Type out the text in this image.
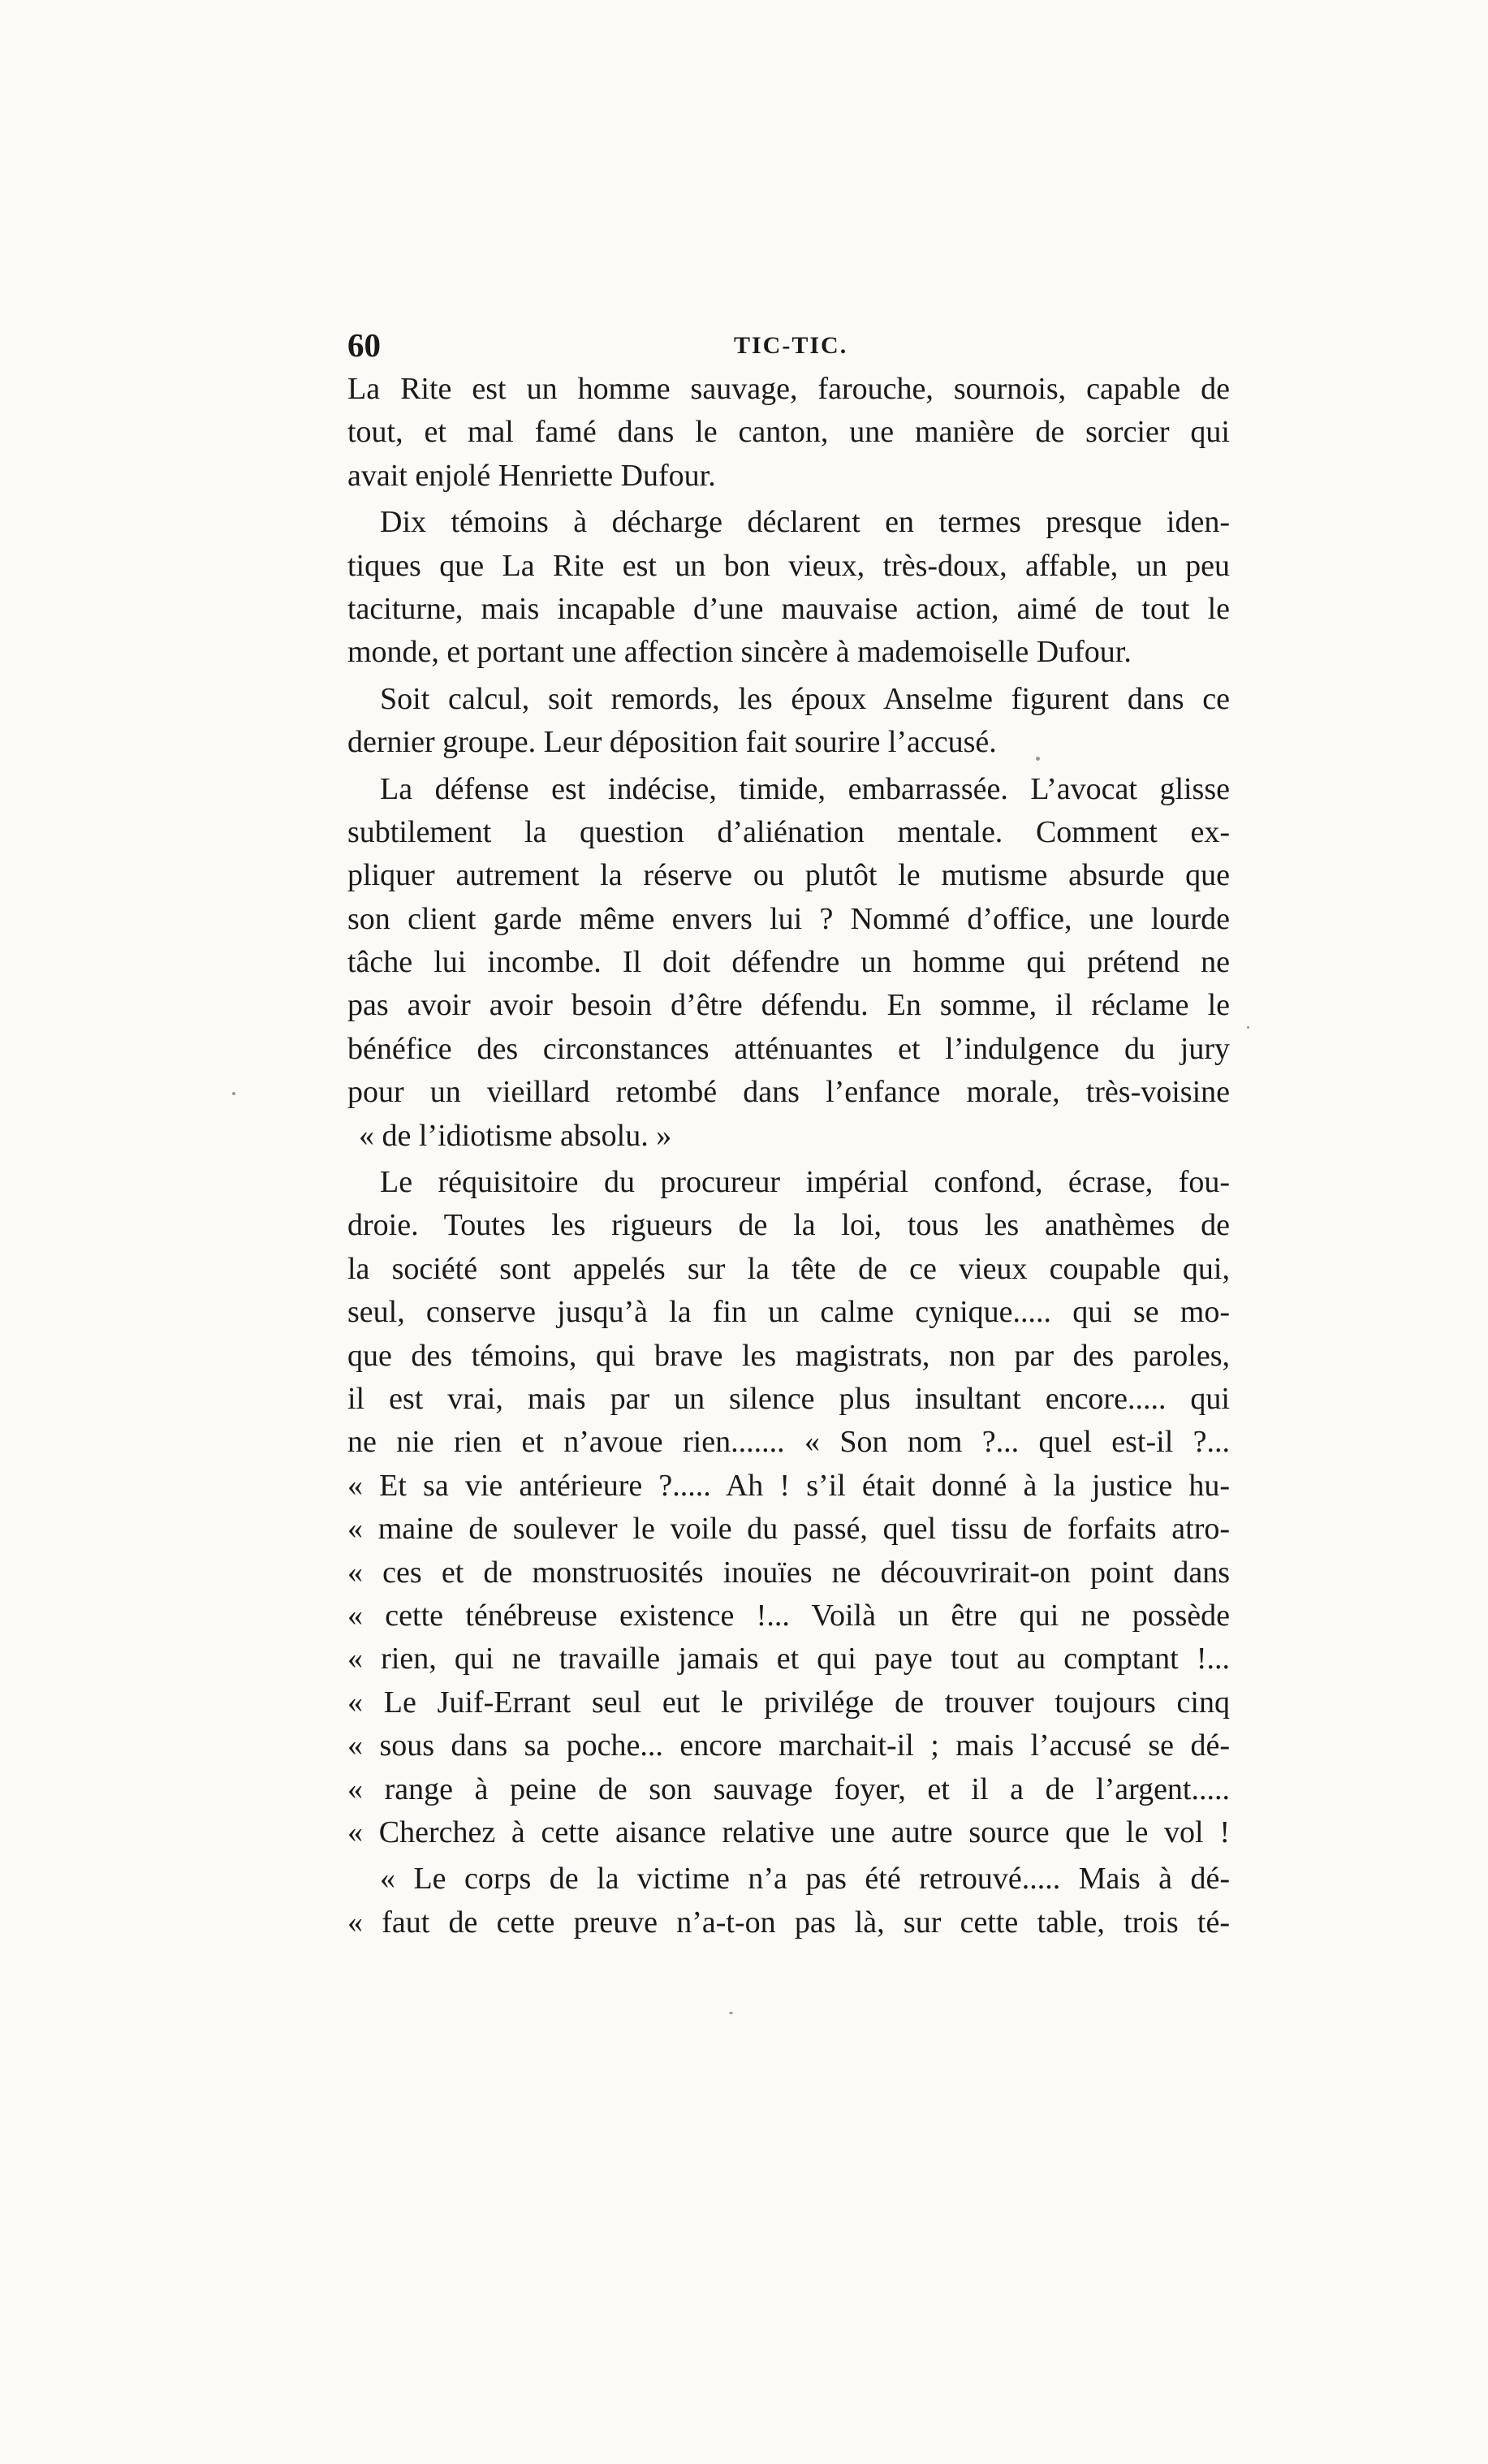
60	TIC-TIC.
La Rite est un homme sauvage, farouche, sournois, capable de
tout, et mal famé dans le canton, une manière de sorcier qui
avait enjolé Henriette Dufour.
Dix témoins à décharge déclarent en termes presque iden-
tiques que La Rite est un bon vieux, très-doux, affable, un peu
taciturne, mais incapable d’une mauvaise action, aimé de tout le
monde, et portant une affection sincère à mademoiselle Dufour.
Soit calcul, soit remords, les époux Anselme figurent dans ce
dernier groupe. Leur déposition fait sourire l’accusé.
La défense est indécise, timide, embarrassée. L’avocat glisse
subtilement la question d’aliénation mentale. Comment ex-
pliquer autrement la réserve ou plutôt le mutisme absurde que
son client garde même envers lui ? Nommé d’office, une lourde
tâche lui incombe. Il doit défendre un homme qui prétend ne
pas avoir avoir besoin d’être défendu. En somme, il réclame le
bénéfice des circonstances atténuantes et l’indulgence du jury
pour un vieillard retombé dans l’enfance morale, très-voisine
« de l’idiotisme absolu. »
Le réquisitoire du procureur impérial confond, écrase, fou-
droie. Toutes les rigueurs de la loi, tous les anathèmes de
la société sont appelés sur la tête de ce vieux coupable qui,
seul, conserve jusqu’à la fin un calme cynique..... qui se mo-
que des témoins, qui brave les magistrats, non par des paroles,
il est vrai, mais par un silence plus insultant encore..... qui
ne nie rien et n’avoue rien....... « Son nom ?... quel est-il ?...
« Et sa vie antérieure ?..... Ah ! s’il était donné à la justice hu-
« maine de soulever le voile du passé, quel tissu de forfaits atro-
« ces et de monstruosités inouïes ne découvrirait-on point dans
« cette ténébreuse existence !... Voilà un être qui ne possède
« rien, qui ne travaille jamais et qui paye tout au comptant !...
« Le Juif-Errant seul eut le privilége de trouver toujours cinq
« sous dans sa poche... encore marchait-il ; mais l’accusé se dé-
« range à peine de son sauvage foyer, et il a de l’argent.....
« Cherchez à cette aisance relative une autre source que le vol !
« Le corps de la victime n’a pas été retrouvé..... Mais à dé-
« faut de cette preuve n’a-t-on pas là, sur cette table, trois té-
